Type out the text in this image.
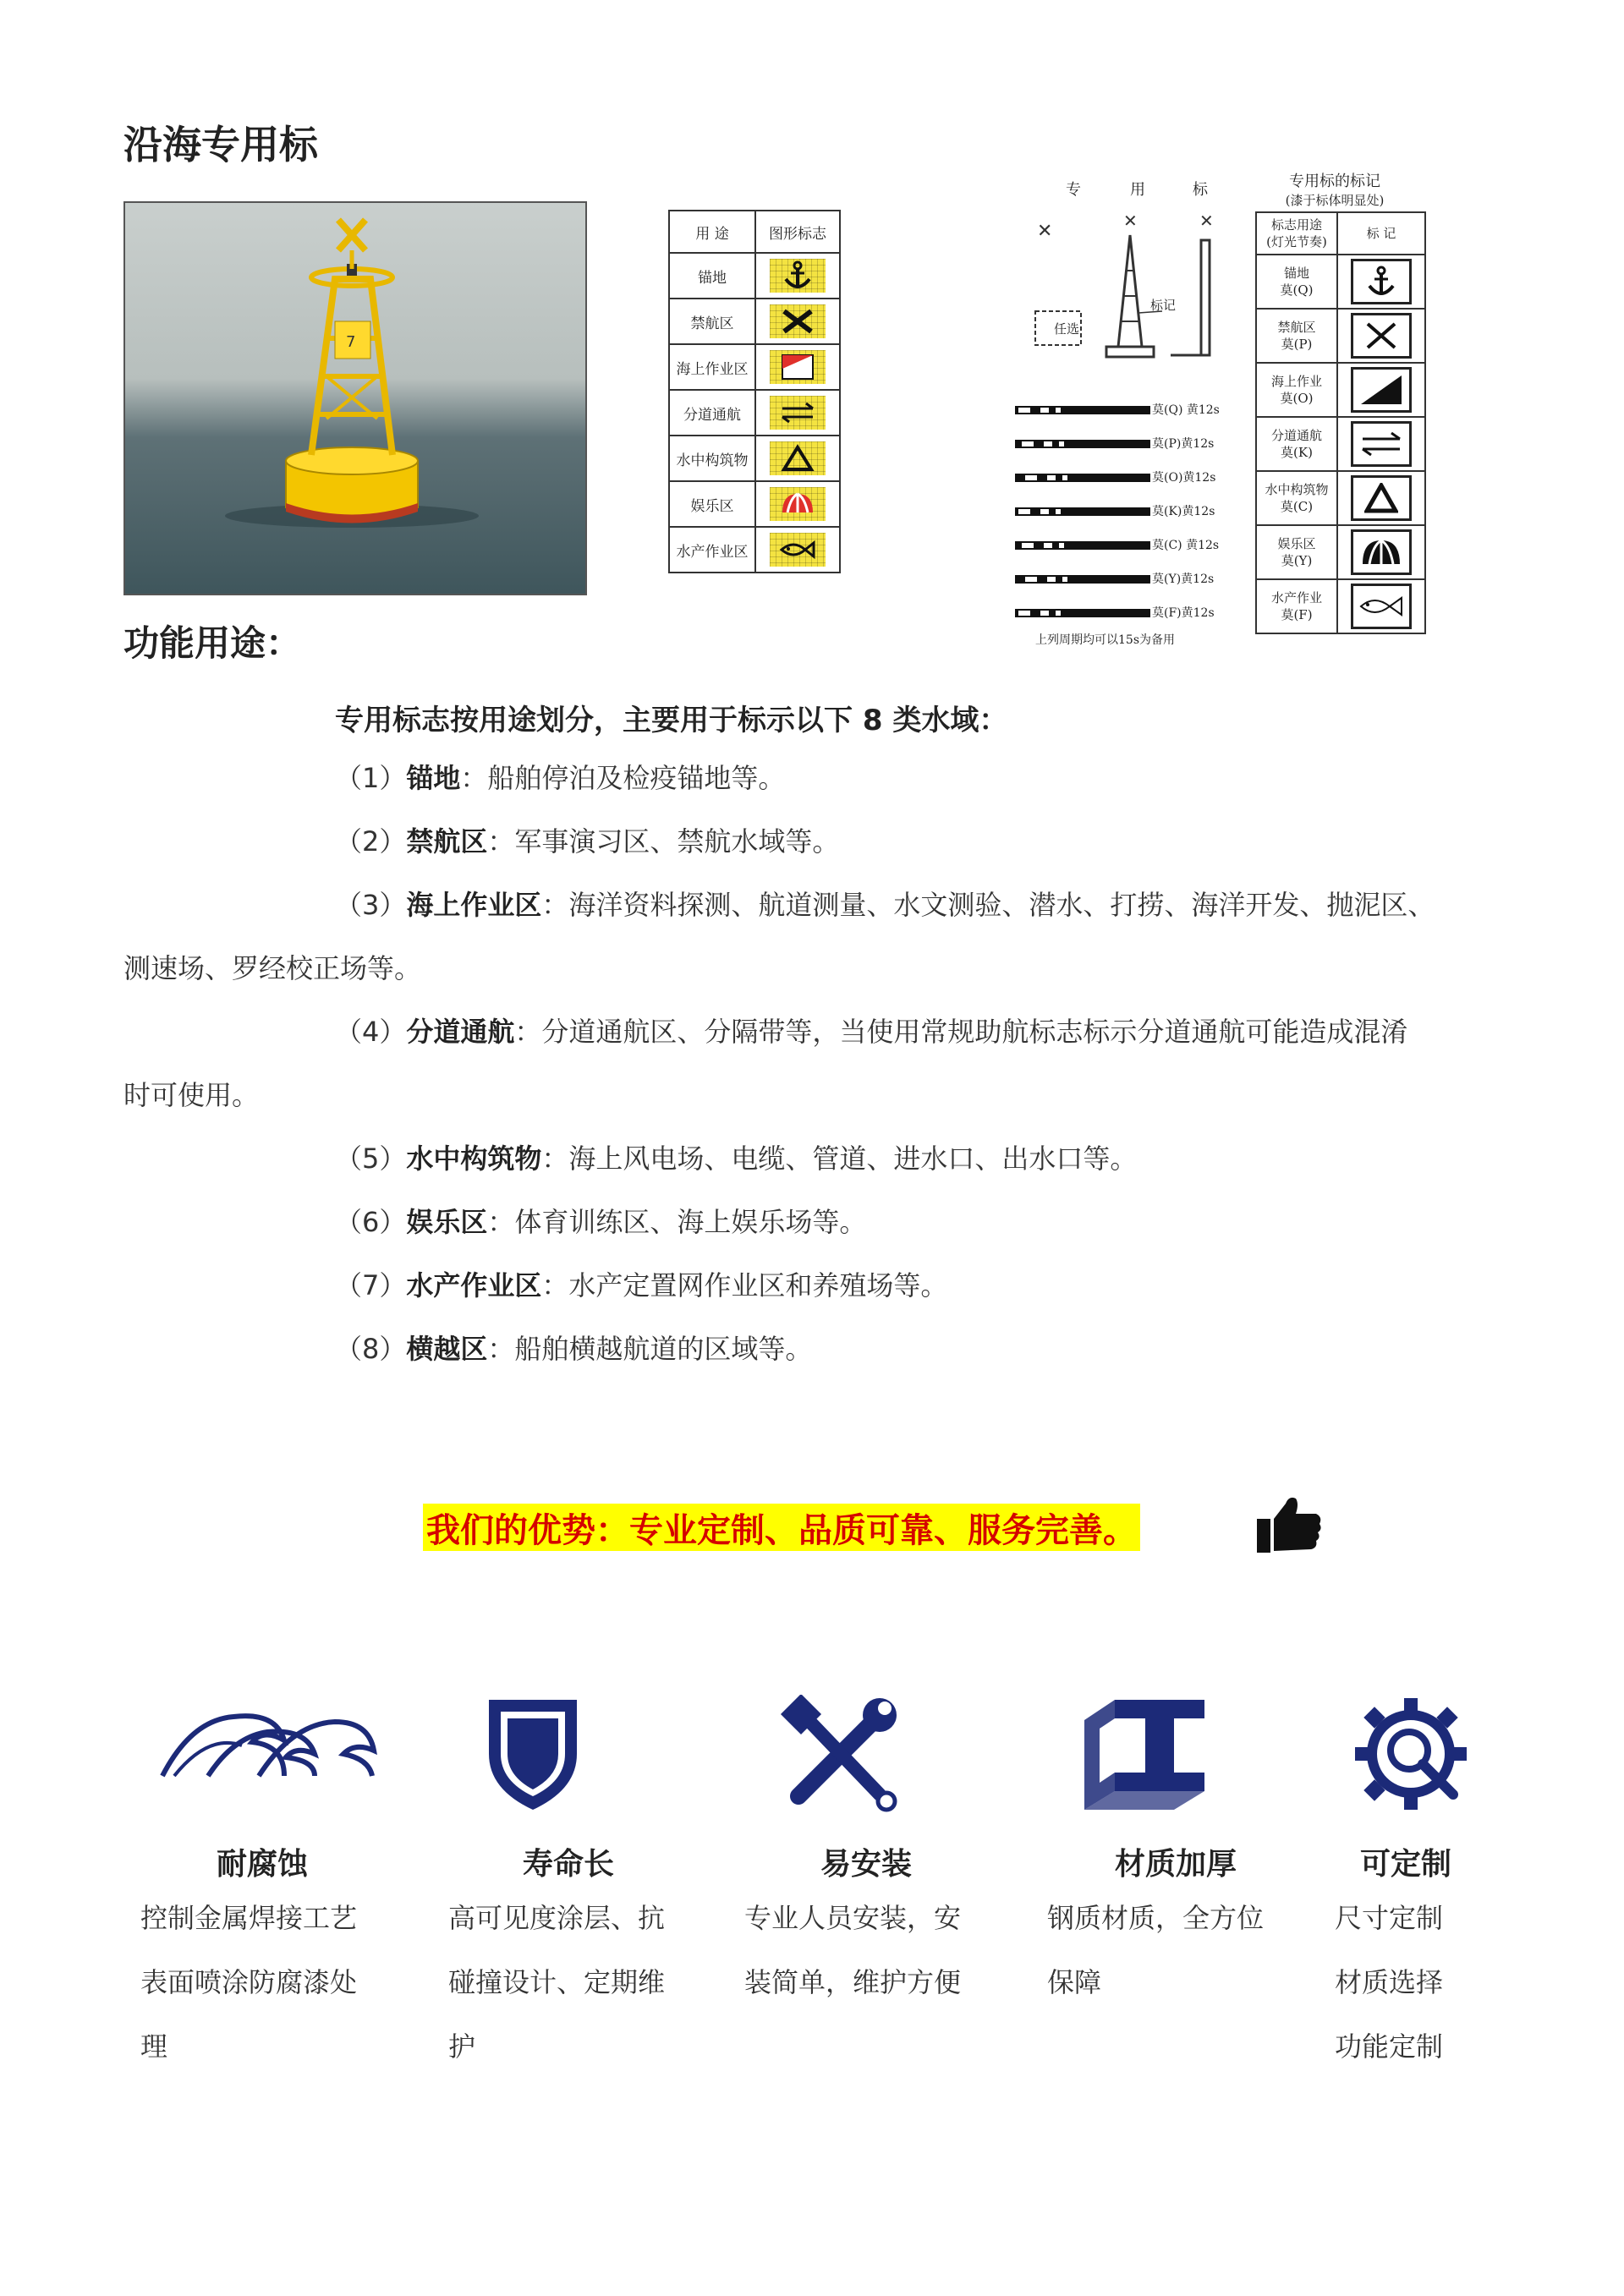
沿海专用标
7
用 途	图形标志
锚地	

禁航区	

海上作业区	

分道通航	

水中构筑物	

娱乐区	

水产作业区	
专	用	标
✕	✕	✕
任选
标记
莫(Q) 黄12s
莫(P)黄12s
莫(O)黄12s
莫(K)黄12s
莫(C) 黄12s
莫(Y)黄12s
莫(F)黄12s
上列周期均可以15s为备用
专用标的标记
(漆于标体明显处)
标志用途
(灯光节奏)	标 记
锚地
莫(Q)	

禁航区
莫(P)	

海上作业
莫(O)	

分道通航
莫(K)	

水中构筑物
莫(C)	

娱乐区
莫(Y)	

水产作业
莫(F)	
功能用途：
专用标志按用途划分，主要用于标示以下 8 类水域：
（1）锚地：船舶停泊及检疫锚地等。
（2）禁航区：军事演习区、禁航水域等。
（3）海上作业区：海洋资料探测、航道测量、水文测验、潜水、打捞、海洋开发、抛泥区、
测速场、罗经校正场等。
（4）分道通航：分道通航区、分隔带等，当使用常规助航标志标示分道通航可能造成混淆
时可使用。
（5）水中构筑物：海上风电场、电缆、管道、进水口、出水口等。
（6）娱乐区：体育训练区、海上娱乐场等。
（7）水产作业区：水产定置网作业区和养殖场等。
（8）横越区：船舶横越航道的区域等。
我们的优势：专业定制、品质可靠、服务完善。
耐腐蚀
控制金属焊接工艺
表面喷涂防腐漆处
理
寿命长
高可见度涂层、抗
碰撞设计、定期维
护
易安装
专业人员安装，安
装简单，维护方便
材质加厚
钢质材质，全方位
保障
可定制
尺寸定制
材质选择
功能定制
